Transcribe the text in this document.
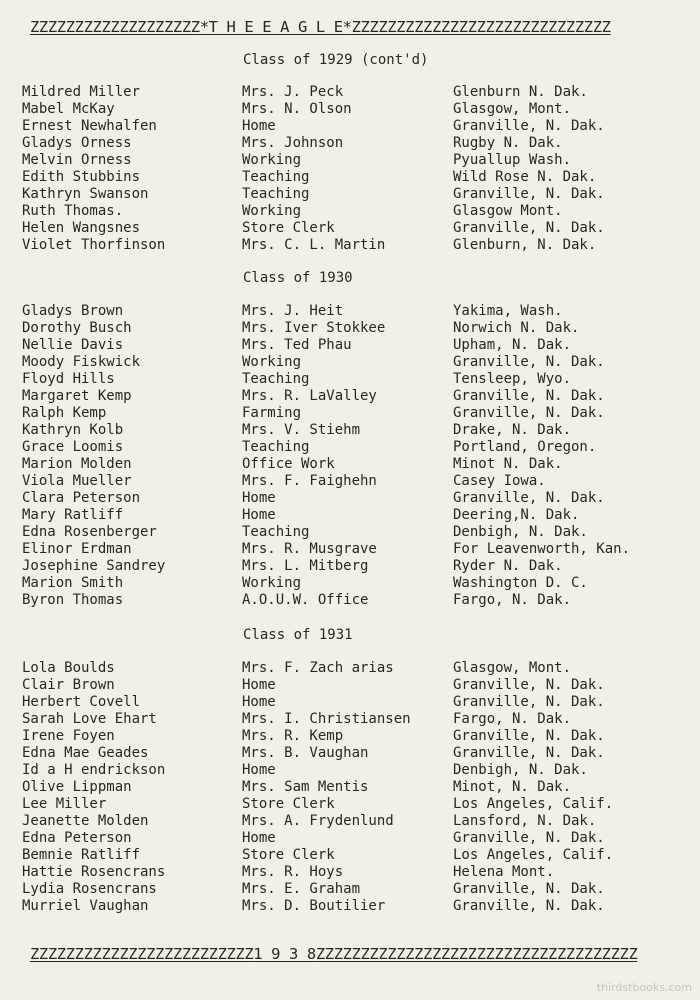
ZZZZZZZZZZZZZZZZZZZ*T H E E A G L E*ZZZZZZZZZZZZZZZZZZZZZZZZZZZZZ
Class of 1929 (cont'd)
Mildred Miller	Mrs. J. Peck	Glenburn N. Dak.
Mabel McKay	Mrs. N. Olson	Glasgow, Mont.
Ernest Newhalfen	Home	Granville, N. Dak.
Gladys Orness	Mrs. Johnson	Rugby N. Dak.
Melvin Orness	Working	Pyuallup Wash.
Edith Stubbins	Teaching	Wild Rose N. Dak.
Kathryn Swanson	Teaching	Granville, N. Dak.
Ruth Thomas.	Working	Glasgow Mont.
Helen Wangsnes	Store Clerk	Granville, N. Dak.
Violet Thorfinson	Mrs. C. L. Martin	Glenburn, N. Dak.
Class of 1930
Gladys Brown	Mrs. J. Heit	Yakima, Wash.
Dorothy Busch	Mrs. Iver Stokkee	Norwich N. Dak.
Nellie Davis	Mrs. Ted Phau	Upham, N. Dak.
Moody Fiskwick	Working	Granville, N. Dak.
Floyd Hills	Teaching	Tensleep, Wyo.
Margaret Kemp	Mrs. R. LaValley	Granville, N. Dak.
Ralph Kemp	Farming	Granville, N. Dak.
Kathryn Kolb	Mrs. V. Stiehm	Drake, N. Dak.
Grace Loomis	Teaching	Portland, Oregon.
Marion Molden	Office Work	Minot N. Dak.
Viola Mueller	Mrs. F. Faighehn	Casey Iowa.
Clara Peterson	Home	Granville, N. Dak.
Mary Ratliff	Home	Deering,N. Dak.
Edna Rosenberger	Teaching	Denbigh, N. Dak.
Elinor Erdman	Mrs. R. Musgrave	For Leavenworth, Kan.
Josephine Sandrey	Mrs. L. Mitberg	Ryder N. Dak.
Marion Smith	Working	Washington D. C.
Byron Thomas	A.O.U.W. Office	Fargo, N. Dak.
Class of 1931
Lola Boulds	Mrs. F. Zach arias	Glasgow, Mont.
Clair Brown	Home	Granville, N. Dak.
Herbert Covell	Home	Granville, N. Dak.
Sarah Love Ehart	Mrs. I. Christiansen	Fargo, N. Dak.
Irene Foyen	Mrs. R. Kemp	Granville, N. Dak.
Edna Mae Geades	Mrs. B. Vaughan	Granville, N. Dak.
Id a H endrickson	Home	Denbigh, N. Dak.
Olive Lippman	Mrs. Sam Mentis	Minot, N. Dak.
Lee Miller	Store Clerk	Los Angeles, Calif.
Jeanette Molden	Mrs. A. Frydenlund	Lansford, N. Dak.
Edna Peterson	Home	Granville, N. Dak.
Bemnie Ratliff	Store Clerk	Los Angeles, Calif.
Hattie Rosencrans	Mrs. R. Hoys	Helena Mont.
Lydia Rosencrans	Mrs. E. Graham	Granville, N. Dak.
Murriel Vaughan	Mrs. D. Boutilier	Granville, N. Dak.
ZZZZZZZZZZZZZZZZZZZZZZZZZ1 9 3 8ZZZZZZZZZZZZZZZZZZZZZZZZZZZZZZZZZZZZ
thirdstbooks.com
